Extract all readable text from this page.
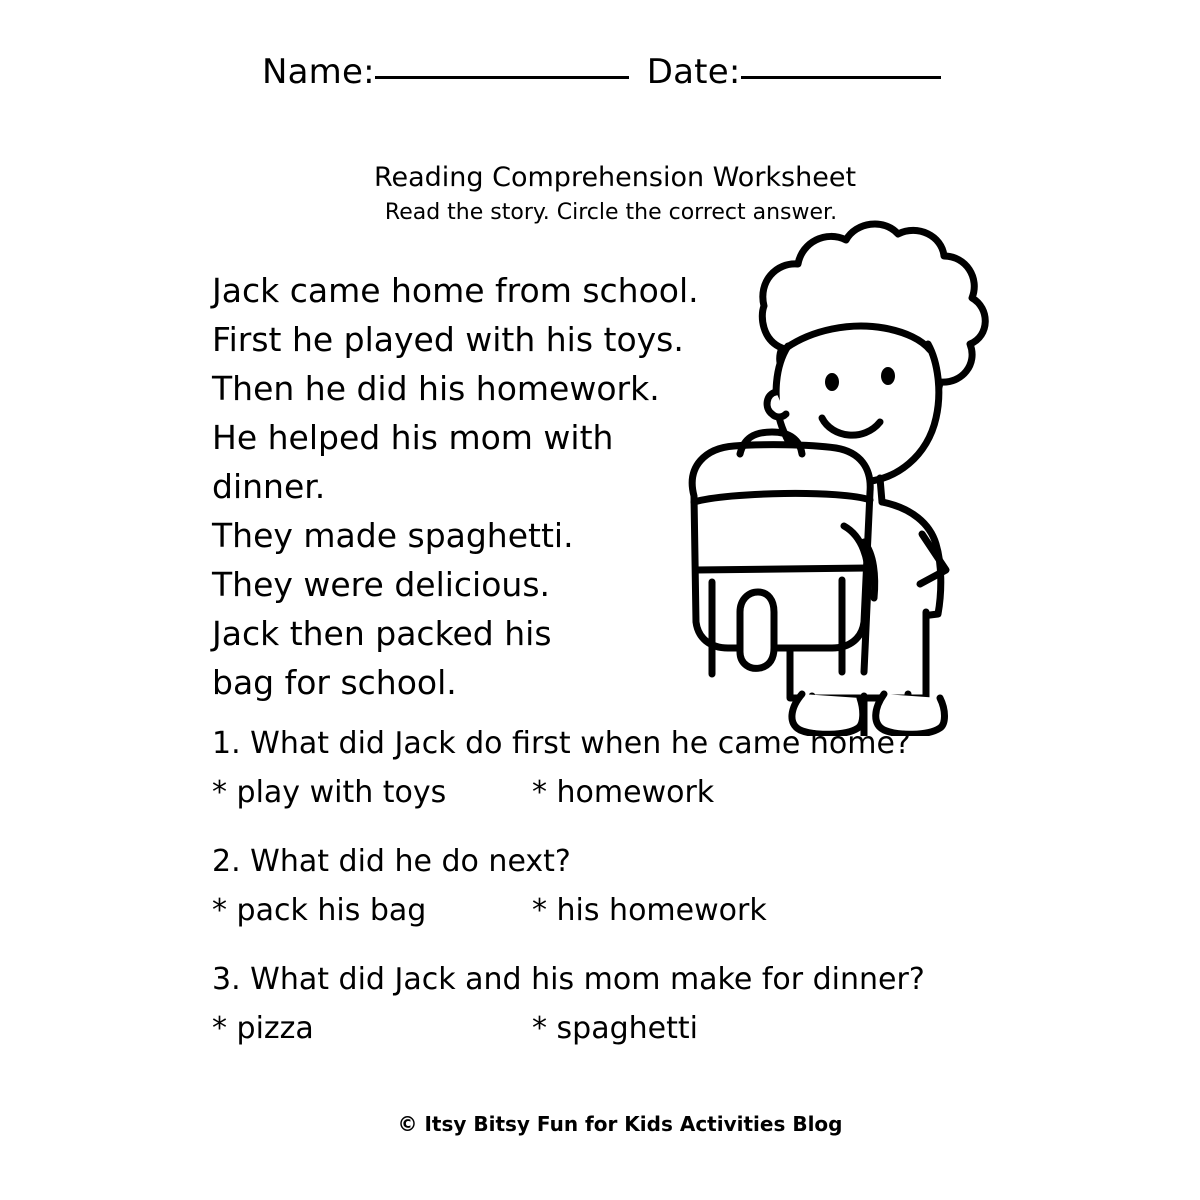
Name:	Date:
Reading Comprehension Worksheet
Read the story. Circle the correct answer.
Jack came home from school.
First he played with his toys.
Then he did his homework.
He helped his mom with
dinner.
They made spaghetti.
They were delicious.
Jack then packed his
bag for school.
1. What did Jack do first when he came home?
* play with toys	* homework
2. What did he do next?
* pack his bag	* his homework
3. What did Jack and his mom make for dinner?
* pizza	* spaghetti
© Itsy Bitsy Fun for Kids Activities Blog
